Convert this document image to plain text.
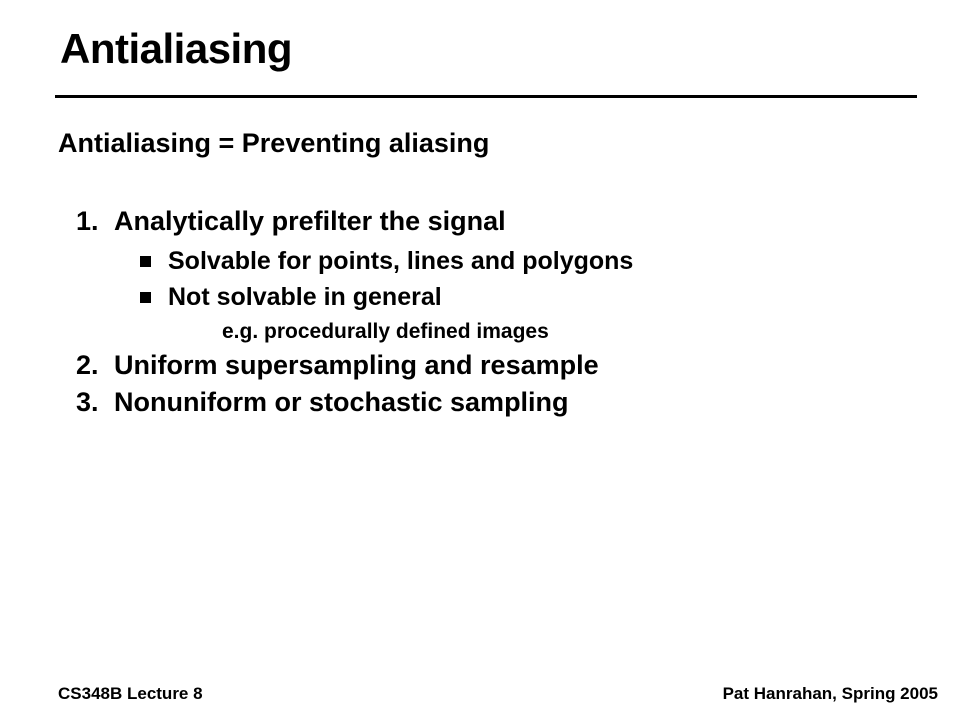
Antialiasing
Antialiasing = Preventing aliasing
1. Analytically prefilter the signal
Solvable for points, lines and polygons
Not solvable in general
e.g. procedurally defined images
2. Uniform supersampling and resample
3. Nonuniform or stochastic sampling
CS348B Lecture 8	Pat Hanrahan, Spring 2005
